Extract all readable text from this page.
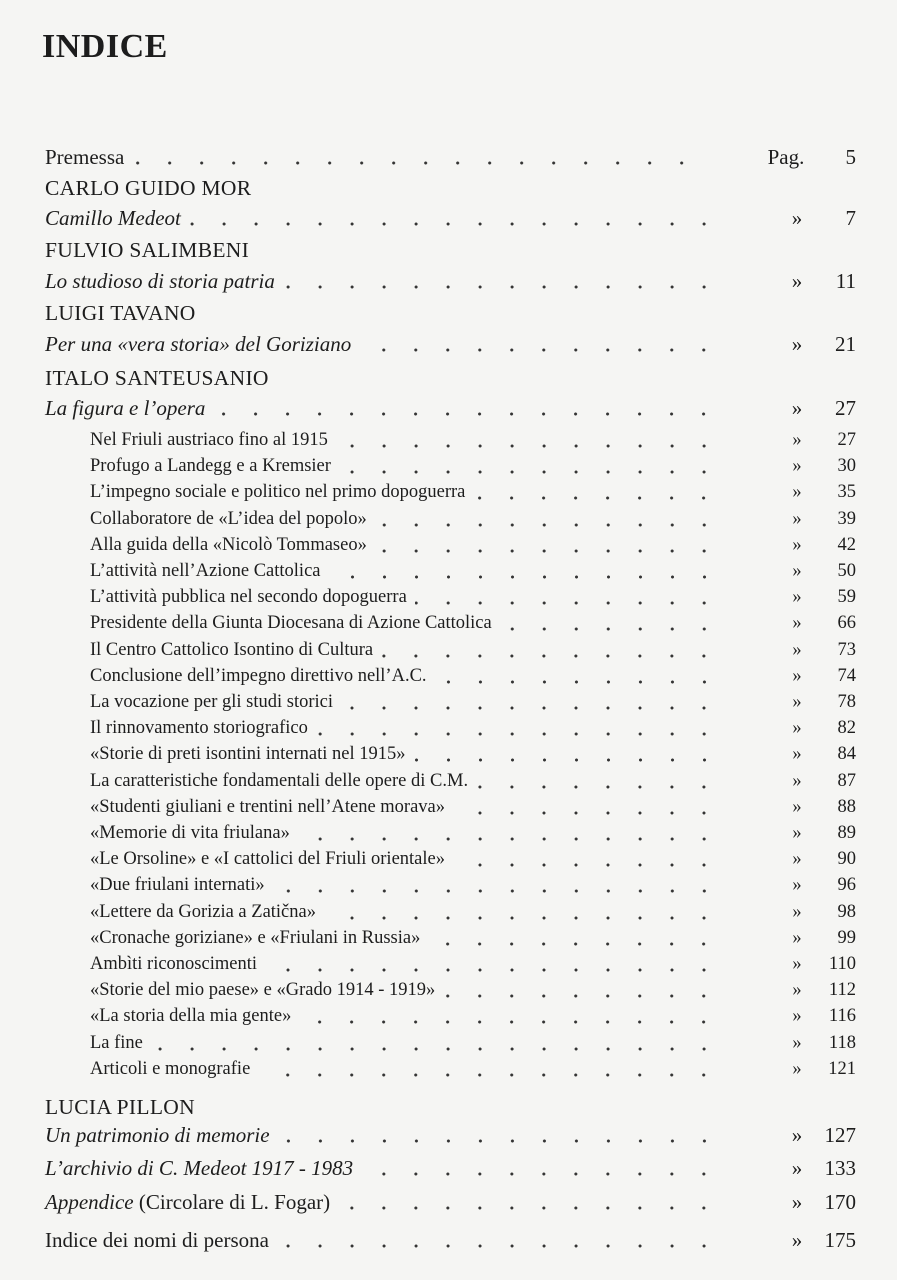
INDICE
Premessa	Pag.	5
CARLO GUIDO MOR
Camillo Medeot	»	7
FULVIO SALIMBENI
Lo studioso di storia patria	»	11
LUIGI TAVANO
Per una «vera storia» del Goriziano	»	21
ITALO SANTEUSANIO
La figura e l’opera	»	27
Nel Friuli austriaco fino al 1915	»	27
Profugo a Landegg e a Kremsier	»	30
L’impegno sociale e politico nel primo dopoguerra	»	35
Collaboratore de «L’idea del popolo»	»	39
Alla guida della «Nicolò Tommaseo»	»	42
L’attività nell’Azione Cattolica	»	50
L’attività pubblica nel secondo dopoguerra	»	59
Presidente della Giunta Diocesana di Azione Cattolica	»	66
Il Centro Cattolico Isontino di Cultura	»	73
Conclusione dell’impegno direttivo nell’A.C.	»	74
La vocazione per gli studi storici	»	78
Il rinnovamento storiografico	»	82
«Storie di preti isontini internati nel 1915»	»	84
La caratteristiche fondamentali delle opere di C.M.	»	87
«Studenti giuliani e trentini nell’Atene morava»	»	88
«Memorie di vita friulana»	»	89
«Le Orsoline» e «I cattolici del Friuli orientale»	»	90
«Due friulani internati»	»	96
«Lettere da Gorizia a Zatična»	»	98
«Cronache goriziane» e «Friulani in Russia»	»	99
Ambìti riconoscimenti	»	110
«Storie del mio paese» e «Grado 1914 - 1919»	»	112
«La storia della mia gente»	»	116
La fine	»	118
Articoli e monografie	»	121
LUCIA PILLON
Un patrimonio di memorie	»	127
L’archivio di C. Medeot 1917 - 1983	»	133
Appendice (Circolare di L. Fogar)	»	170
Indice dei nomi di persona	»	175
